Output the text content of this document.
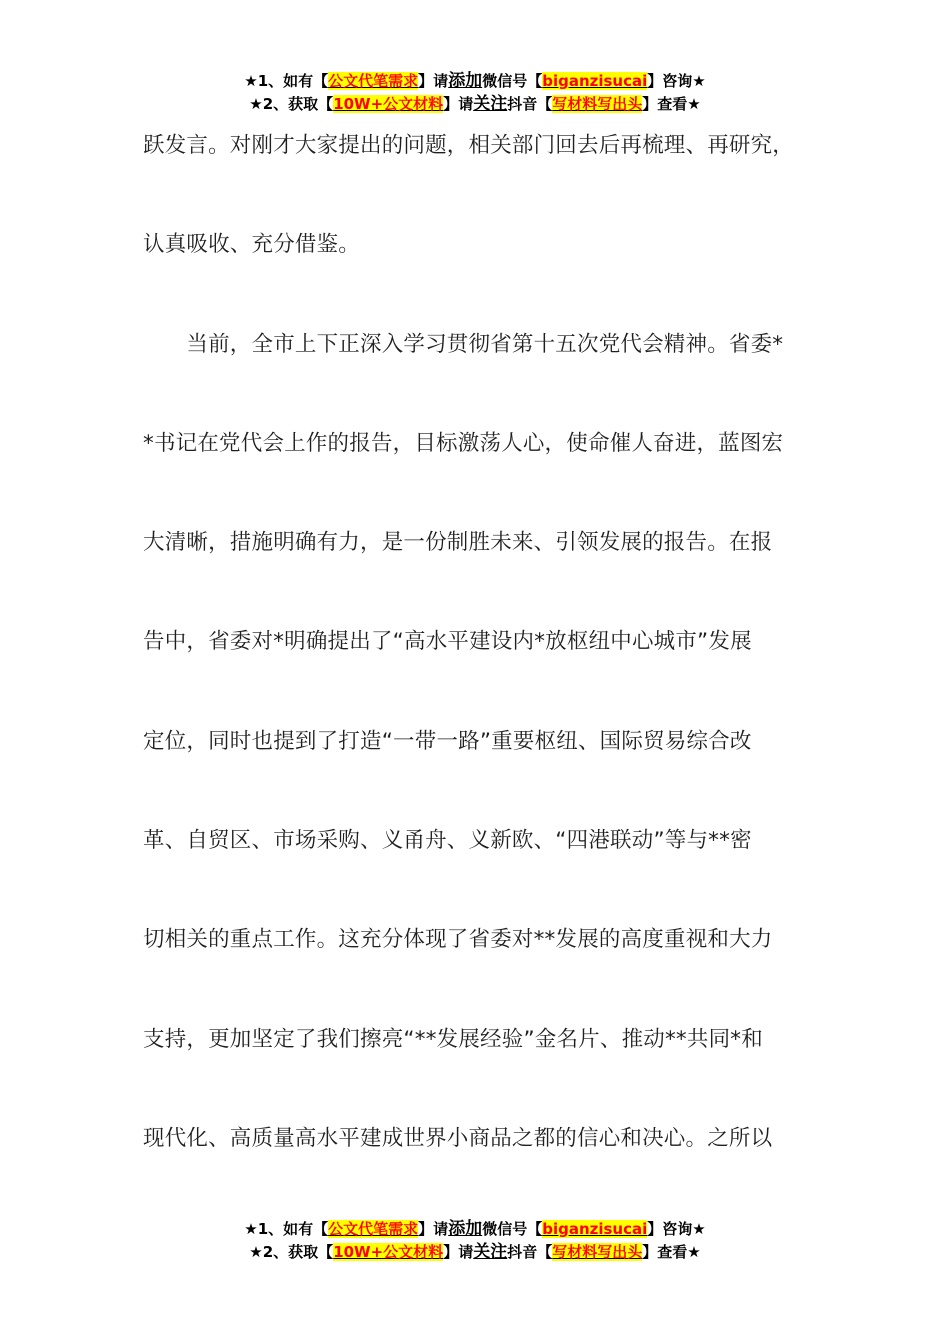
★1、如有【公文代笔需求】请添加微信号【biganzisucai】咨询★
★2、获取【10W+公文材料】请关注抖音【写材料写出头】查看★
跃发言。对刚才大家提出的问题，相关部门回去后再梳理、再研究，
认真吸收、充分借鉴。
　　当前，全市上下正深入学习贯彻省第十五次党代会精神。省委*
*书记在党代会上作的报告，目标激荡人心，使命催人奋进，蓝图宏
大清晰，措施明确有力，是一份制胜未来、引领发展的报告。在报
告中，省委对*明确提出了“高水平建设内*放枢纽中心城市”发展
定位，同时也提到了打造“一带一路”重要枢纽、国际贸易综合改
革、自贸区、市场采购、义甬舟、义新欧、“四港联动”等与**密
切相关的重点工作。这充分体现了省委对**发展的高度重视和大力
支持，更加坚定了我们擦亮“**发展经验”金名片、推动**共同*和
现代化、高质量高水平建成世界小商品之都的信心和决心。之所以
★1、如有【公文代笔需求】请添加微信号【biganzisucai】咨询★
★2、获取【10W+公文材料】请关注抖音【写材料写出头】查看★
